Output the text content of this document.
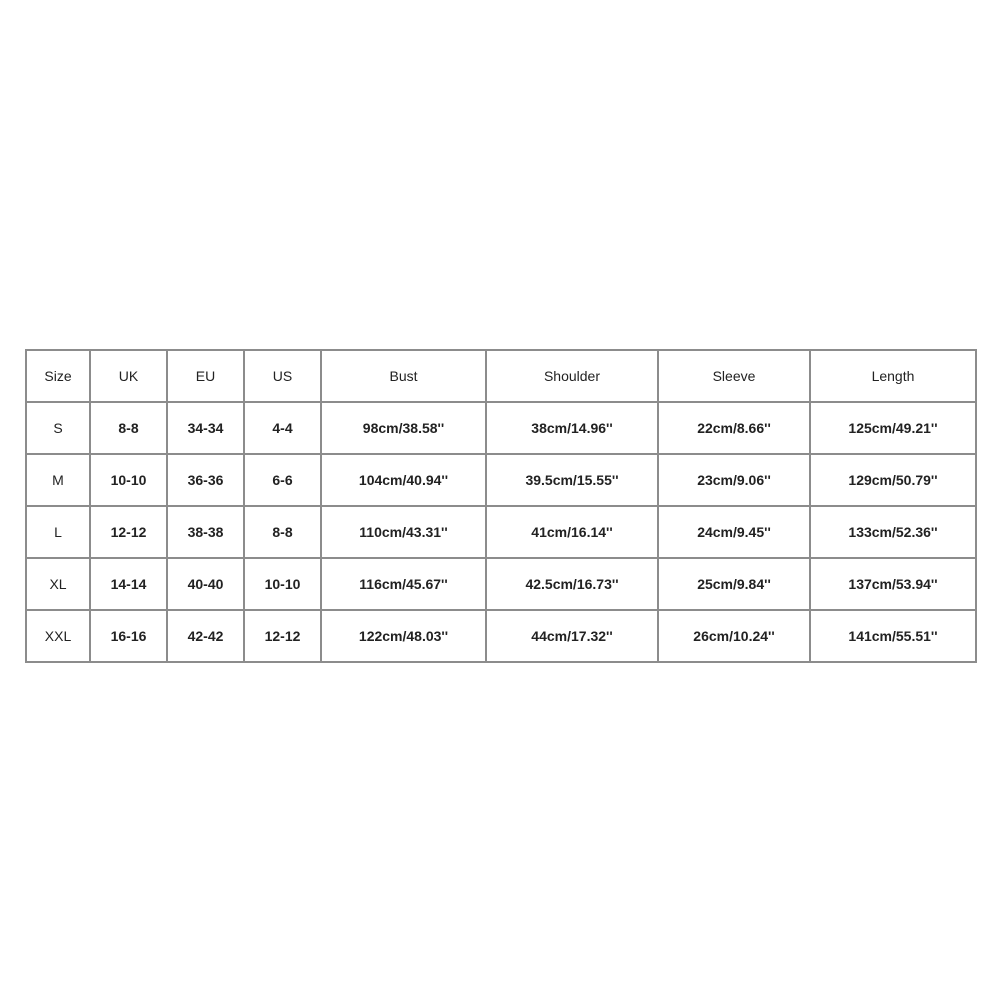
Size	UK	EU	US	Bust	Shoulder	Sleeve	Length
S	8-8	34-34	4-4	98cm/38.58''	38cm/14.96''	22cm/8.66''	125cm/49.21''
M	10-10	36-36	6-6	104cm/40.94''	39.5cm/15.55''	23cm/9.06''	129cm/50.79''
L	12-12	38-38	8-8	110cm/43.31''	41cm/16.14''	24cm/9.45''	133cm/52.36''
XL	14-14	40-40	10-10	116cm/45.67''	42.5cm/16.73''	25cm/9.84''	137cm/53.94''
XXL	16-16	42-42	12-12	122cm/48.03''	44cm/17.32''	26cm/10.24''	141cm/55.51''
